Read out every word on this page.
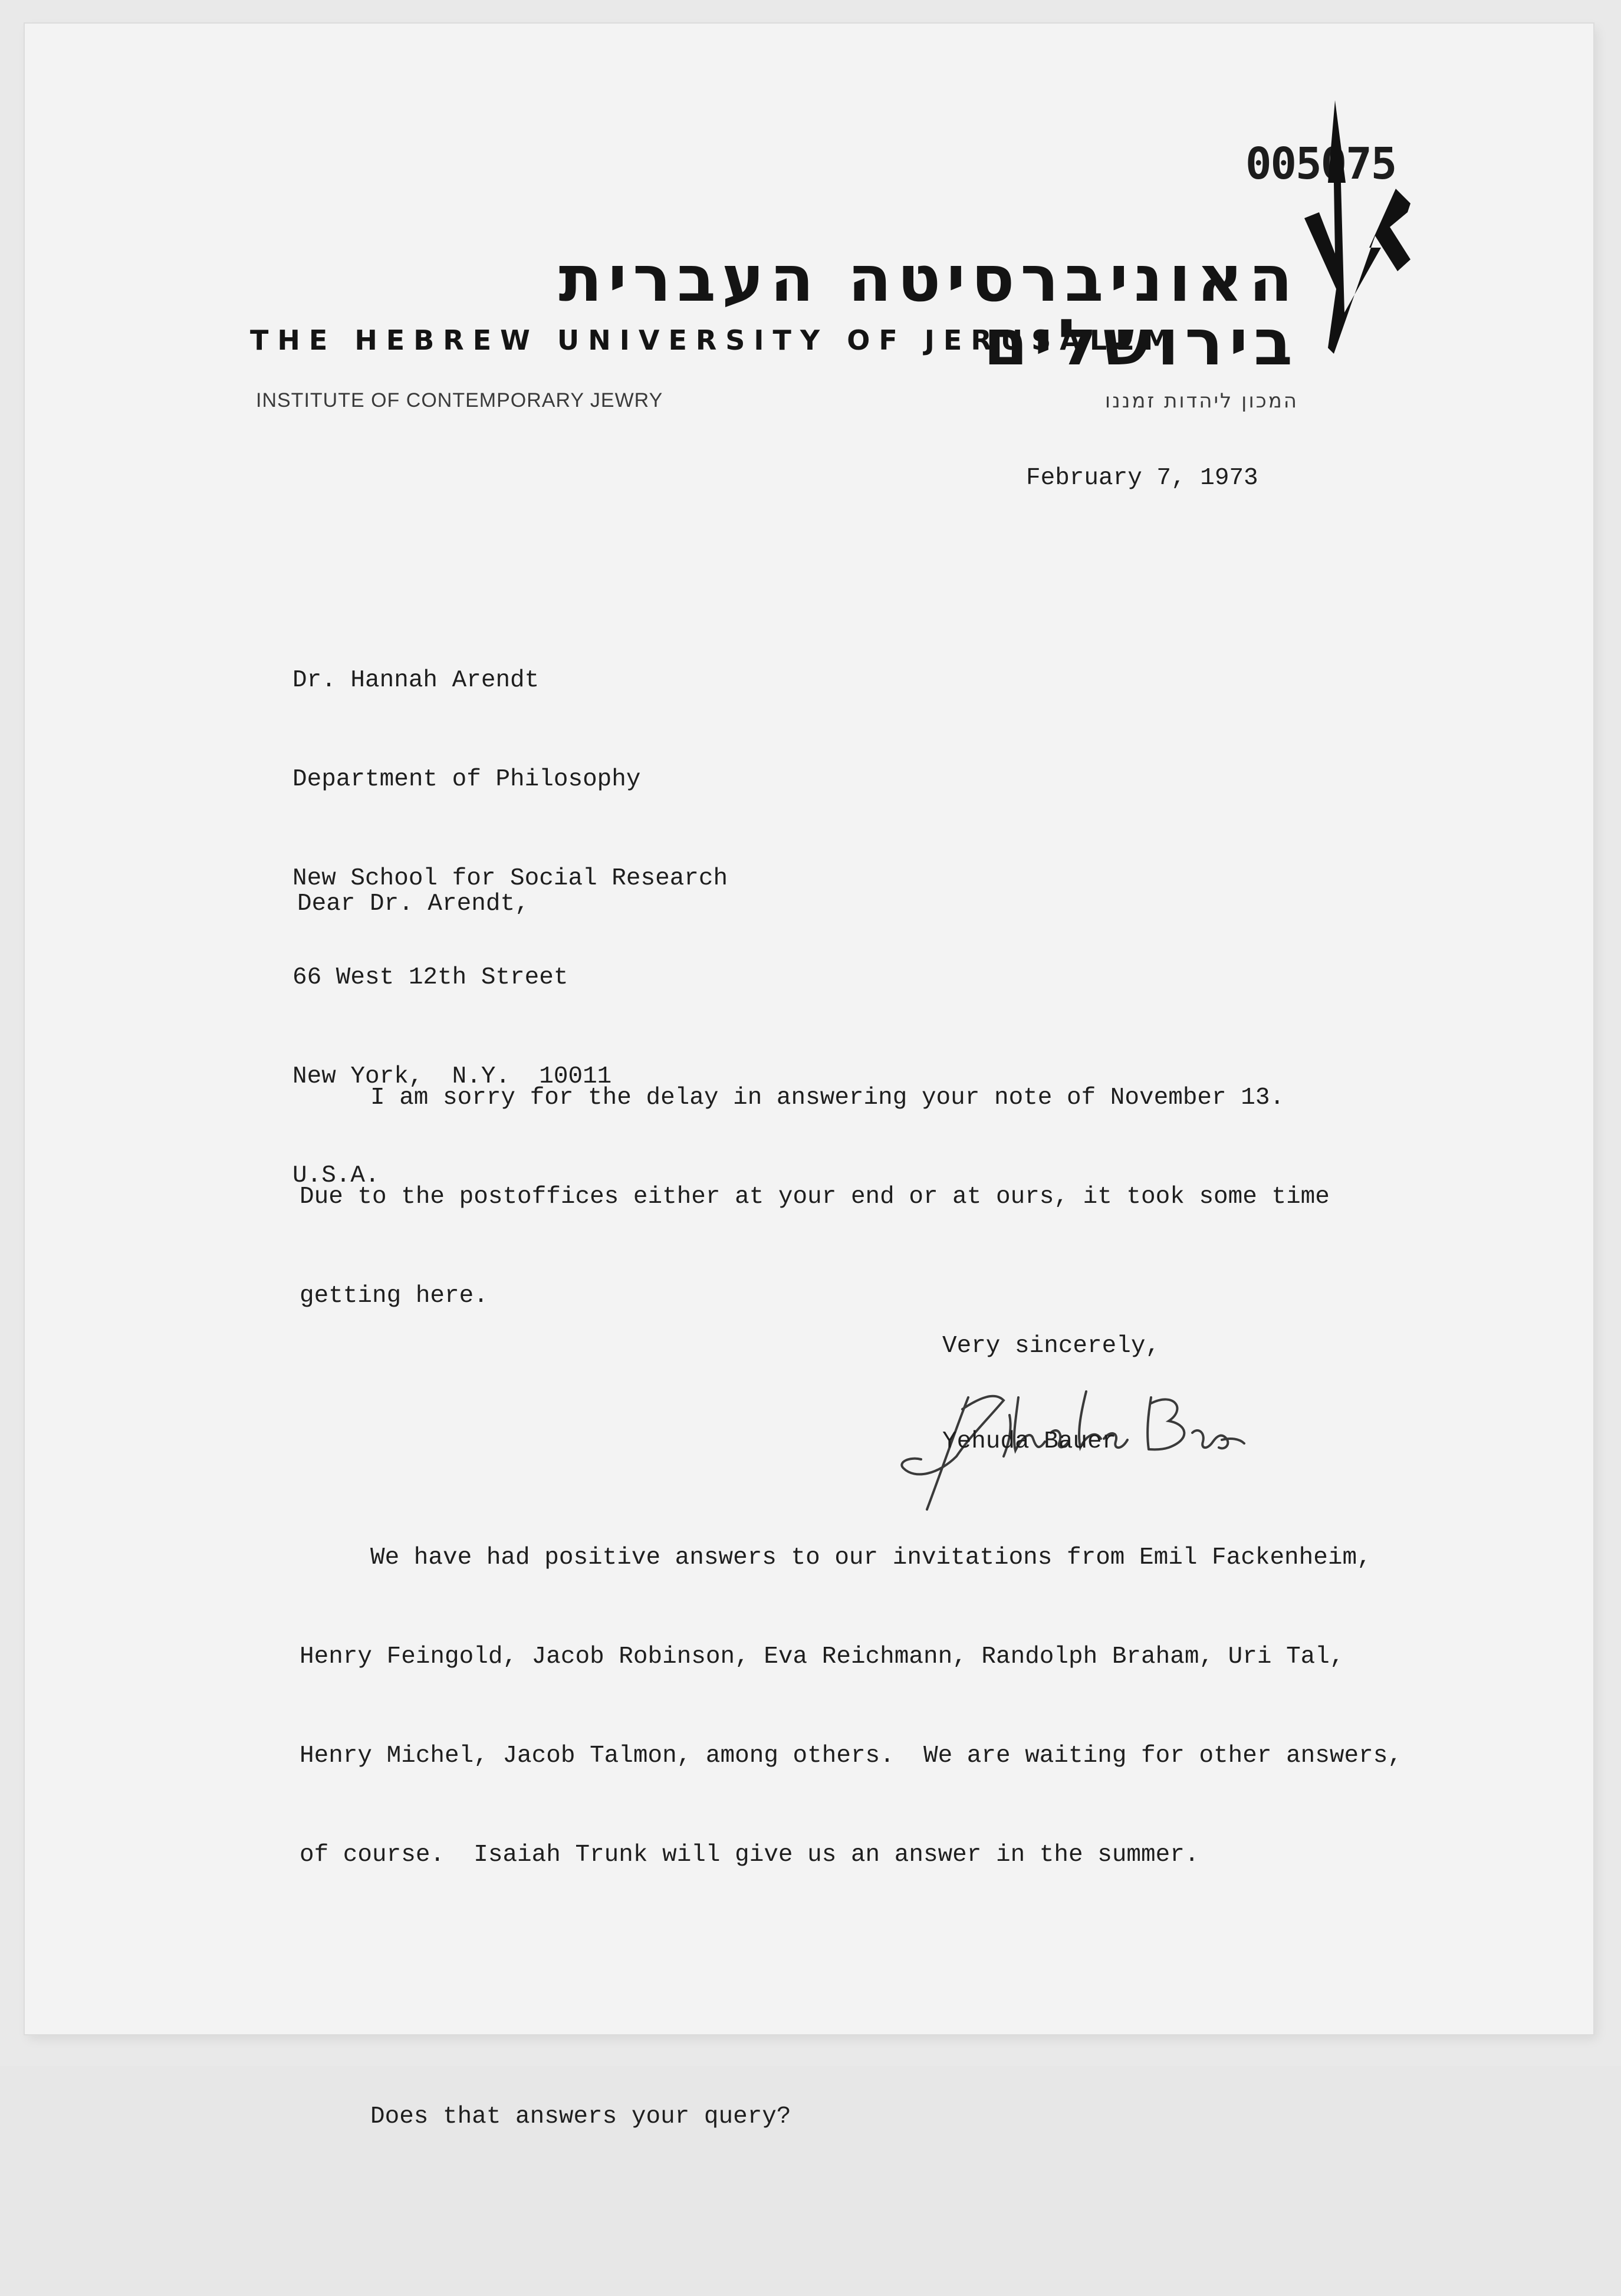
005075
האוניברסיטה העברית בירושלים
THE HEBREW UNIVERSITY OF JERUSALEM
INSTITUTE OF CONTEMPORARY JEWRY	המכון ליהדות זמננו
February 7, 1973

Dr. Hannah Arendt

Department of Philosophy

New School for Social Research

66 West 12th Street

New York,  N.Y.  10011

U.S.A.

Dear Dr. Arendt,

I am sorry for the delay in answering your note of November 13.

Due to the postoffices either at your end or at ours, it took some time

getting here.

We have had positive answers to our invitations from Emil Fackenheim,

Henry Feingold, Jacob Robinson, Eva Reichmann, Randolph Braham, Uri Tal,

Henry Michel, Jacob Talmon, among others.  We are waiting for other answers,

of course.  Isaiah Trunk will give us an answer in the summer.

Does that answers your query?

Very sincerely,
Yehuda Bauer
